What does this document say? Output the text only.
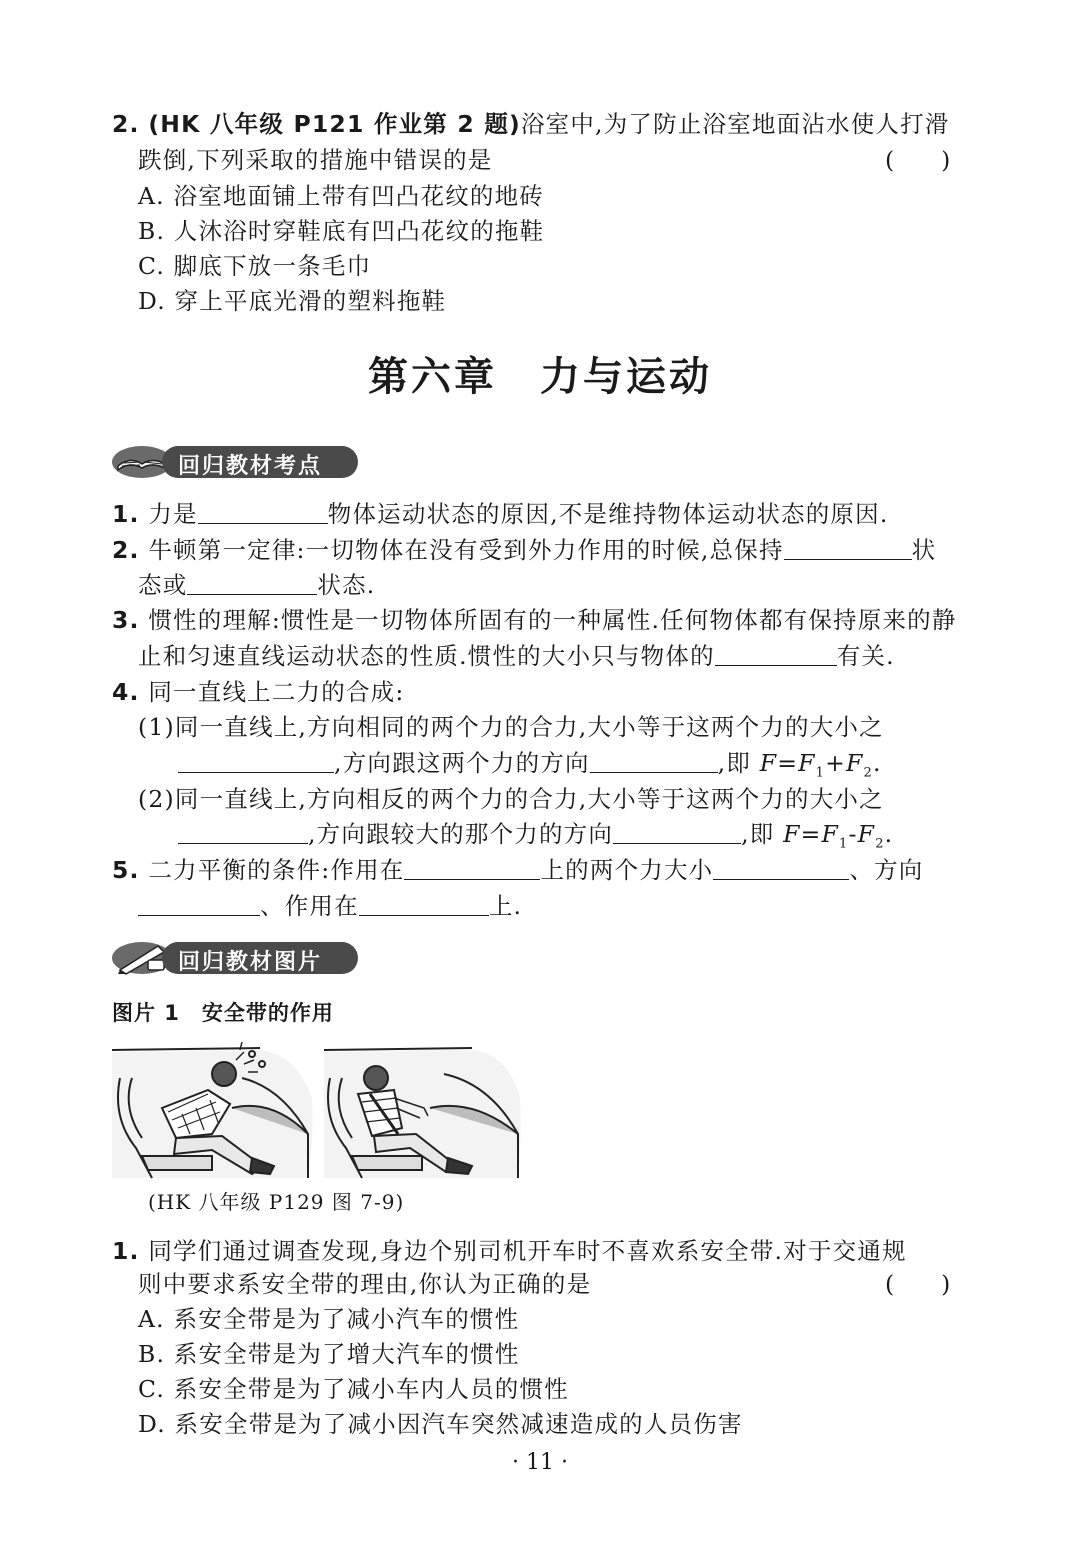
2. (HK 八年级 P121 作业第 2 题)浴室中,为了防止浴室地面沾水使人打滑
跌倒,下列采取的措施中错误的是	(　　)
A. 浴室地面铺上带有凹凸花纹的地砖
B. 人沐浴时穿鞋底有凹凸花纹的拖鞋
C. 脚底下放一条毛巾
D. 穿上平底光滑的塑料拖鞋
第六章　力与运动
回归教材考点
1. 力是	物体运动状态的原因,不是维持物体运动状态的原因.
2. 牛顿第一定律:一切物体在没有受到外力作用的时候,总保持	状
态或	状态.
3. 惯性的理解:惯性是一切物体所固有的一种属性.任何物体都有保持原来的静
止和匀速直线运动状态的性质.惯性的大小只与物体的	有关.
4. 同一直线上二力的合成:
(1)同一直线上,方向相同的两个力的合力,大小等于这两个力的大小之
,方向跟这两个力的方向	,即 $F=F_1+F_2$.
(2)同一直线上,方向相反的两个力的合力,大小等于这两个力的大小之
,方向跟较大的那个力的方向	,即 $F=F_1-F_2$.
5. 二力平衡的条件:作用在	上的两个力大小	、方向
、作用在	上.
回归教材图片
图片 1　安全带的作用
(HK 八年级 P129 图 7-9)
1. 同学们通过调查发现,身边个别司机开车时不喜欢系安全带.对于交通规
则中要求系安全带的理由,你认为正确的是	(　　)
A. 系安全带是为了减小汽车的惯性
B. 系安全带是为了增大汽车的惯性
C. 系安全带是为了减小车内人员的惯性
D. 系安全带是为了减小因汽车突然减速造成的人员伤害
· 11 ·
